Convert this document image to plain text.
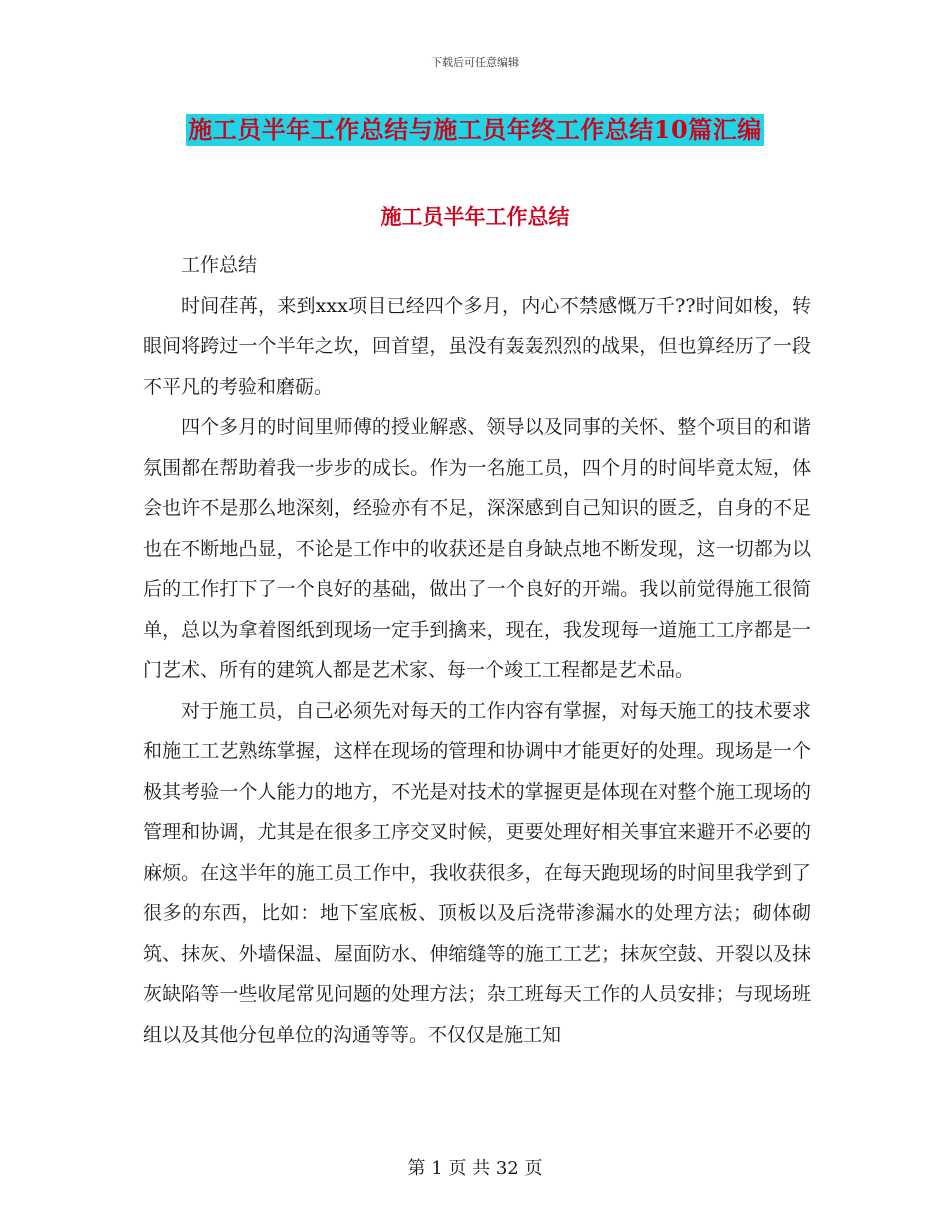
下载后可任意编辑
施工员半年工作总结与施工员年终工作总结10篇汇编
施工员半年工作总结

工作总结

时间荏苒，来到xxx项目已经四个多月，内心不禁感慨万千??时间如梭，转眼间将跨过一个半年之坎，回首望，虽没有轰轰烈烈的战果，但也算经历了一段不平凡的考验和磨砺。

四个多月的时间里师傅的授业解惑、领导以及同事的关怀、整个项目的和谐氛围都在帮助着我一步步的成长。作为一名施工员，四个月的时间毕竟太短，体会也许不是那么地深刻，经验亦有不足，深深感到自己知识的匮乏，自身的不足也在不断地凸显，不论是工作中的收获还是自身缺点地不断发现，这一切都为以后的工作打下了一个良好的基础，做出了一个良好的开端。我以前觉得施工很简单，总以为拿着图纸到现场一定手到擒来，现在，我发现每一道施工工序都是一门艺术、所有的建筑人都是艺术家、每一个竣工工程都是艺术品。

对于施工员，自己必须先对每天的工作内容有掌握，对每天施工的技术要求和施工工艺熟练掌握，这样在现场的管理和协调中才能更好的处理。现场是一个极其考验一个人能力的地方，不光是对技术的掌握更是体现在对整个施工现场的管理和协调，尤其是在很多工序交叉时候，更要处理好相关事宜来避开不必要的麻烦。在这半年的施工员工作中，我收获很多，在每天跑现场的时间里我学到了很多的东西，比如：地下室底板、顶板以及后浇带渗漏水的处理方法；砌体砌筑、抹灰、外墙保温、屋面防水、伸缩缝等的施工工艺；抹灰空鼓、开裂以及抹灰缺陷等一些收尾常见问题的处理方法；杂工班每天工作的人员安排；与现场班组以及其他分包单位的沟通等等。不仅仅是施工知

第 1 页 共 32 页
